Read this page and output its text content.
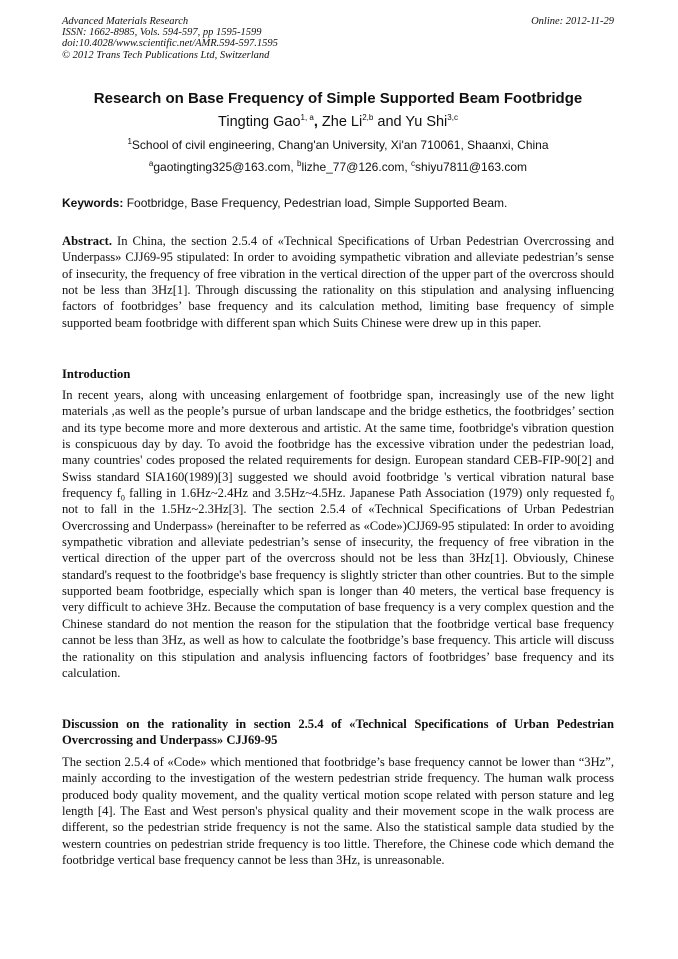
Advanced Materials Research
ISSN: 1662-8985, Vols. 594-597, pp 1595-1599
doi:10.4028/www.scientific.net/AMR.594-597.1595
© 2012 Trans Tech Publications Ltd, Switzerland
Online: 2012-11-29
Research on Base Frequency of Simple Supported Beam Footbridge
Tingting Gao$^{1, a}$, Zhe Li$^{2,b}$ and Yu Shi$^{3,c}$
$^1$School of civil engineering, Chang'an University, Xi'an 710061, Shaanxi, China
$^a$gaotingting325@163.com, $^b$lizhe_77@126.com, $^c$shiyu7811@163.com
Keywords: Footbridge, Base Frequency, Pedestrian load, Simple Supported Beam.

Abstract. In China, the section 2.5.4 of «Technical Specifications of Urban Pedestrian Overcrossing and Underpass» CJJ69-95 stipulated: In order to avoiding sympathetic vibration and alleviate pedestrian’s sense of insecurity, the frequency of free vibration in the vertical direction of the upper part of the overcross should not be less than 3Hz[1]. Through discussing the rationality on this stipulation and analysing influencing factors of footbridges’ base frequency and its calculation method, limiting base frequency of simple supported beam footbridge with different span which Suits Chinese were drew up in this paper.

Introduction

In recent years, along with unceasing enlargement of footbridge span, increasingly use of the new light materials ,as well as the people’s pursue of urban landscape and the bridge esthetics, the footbridges’ section and its type become more and more dexterous and artistic. At the same time, footbridge's vibration question is conspicuous day by day. To avoid the footbridge has the excessive vibration under the pedestrian load, many countries' codes proposed the related requirements for design. European standard CEB-FIP-90[2] and Swiss standard SIA160(1989)[3] suggested we should avoid footbridge 's vertical vibration natural base frequency $f_0$ falling in 1.6Hz~2.4Hz and 3.5Hz~4.5Hz. Japanese Path Association (1979) only requested $f_0$ not to fall in the 1.5Hz~2.3Hz[3]. The section 2.5.4 of «Technical Specifications of Urban Pedestrian Overcrossing and Underpass» (hereinafter to be referred as «Code»)CJJ69-95 stipulated: In order to avoiding sympathetic vibration and alleviate pedestrian’s sense of insecurity, the frequency of free vibration in the vertical direction of the upper part of the overcross should not be less than 3Hz[1]. Obviously, Chinese standard's request to the footbridge's base frequency is slightly stricter than other countries. But to the simple supported beam footbridge, especially which span is longer than 40 meters, the vertical base frequency is very difficult to achieve 3Hz. Because the computation of base frequency is a very complex question and the Chinese standard do not mention the reason for the stipulation that the footbridge vertical base frequency cannot be less than 3Hz, as well as how to calculate the footbridge’s base frequency. This article will discuss the rationality on this stipulation and analysis influencing factors of footbridges’ base frequency and its calculation.

Discussion on the rationality in section 2.5.4 of «Technical Specifications of Urban Pedestrian Overcrossing and Underpass» CJJ69-95

The section 2.5.4 of «Code» which mentioned that footbridge’s base frequency cannot be lower than “3Hz”, mainly according to the investigation of the western pedestrian stride frequency. The human walk process produced body quality movement, and the quality vertical motion scope related with person stature and leg length [4]. The East and West person's physical quality and their movement scope in the walk process are different, so the pedestrian stride frequency is not the same. Also the statistical sample data studied by the western countries on pedestrian stride frequency is too little. Therefore, the Chinese code which demand the footbridge vertical base frequency cannot be less than 3Hz, is unreasonable.
